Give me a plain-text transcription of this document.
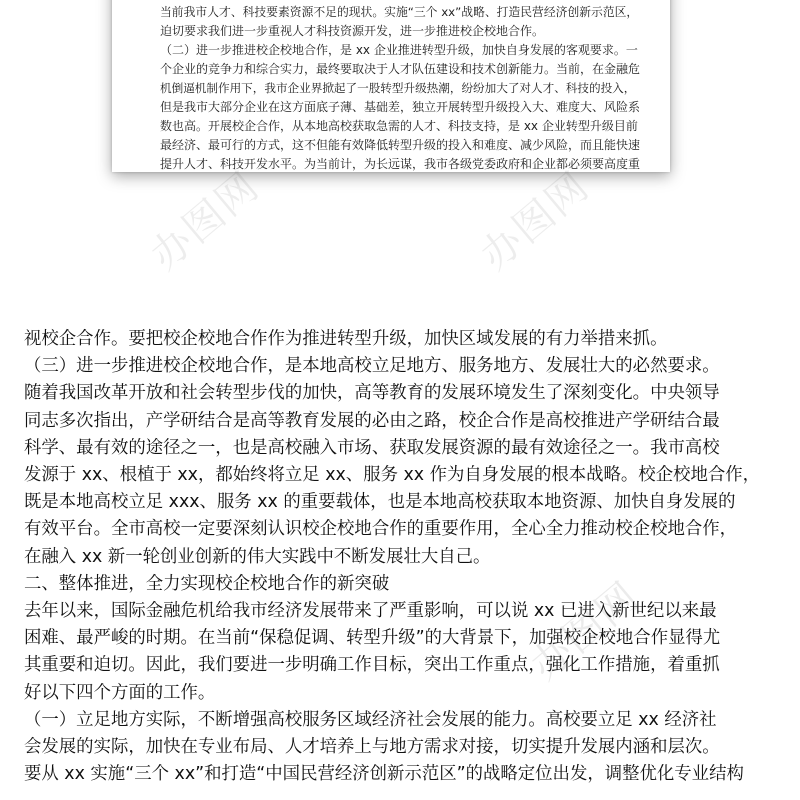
当前我市人才、科技要素资源不足的现状。实施“三个 xx”战略、打造民营经济创新示范区，

迫切要求我们进一步重视人才科技资源开发，进一步推进校企校地合作。

（二）进一步推进校企校地合作，是 xx 企业推进转型升级，加快自身发展的客观要求。一

个企业的竞争力和综合实力，最终要取决于人才队伍建设和技术创新能力。当前，在金融危

机倒逼机制作用下，我市企业界掀起了一股转型升级热潮，纷纷加大了对人才、科技的投入，

但是我市大部分企业在这方面底子薄、基础差，独立开展转型升级投入大、难度大、风险系

数也高。开展校企合作，从本地高校获取急需的人才、科技支持，是 xx 企业转型升级目前

最经济、最可行的方式，这不但能有效降低转型升级的投入和难度、减少风险，而且能快速

提升人才、科技开发水平。为当前计，为长远谋，我市各级党委政府和企业都必须要高度重

办图网	办图网
办图网
视校企合作。要把校企校地合作作为推进转型升级，加快区域发展的有力举措来抓。
（三）进一步推进校企校地合作，是本地高校立足地方、服务地方、发展壮大的必然要求。
随着我国改革开放和社会转型步伐的加快，高等教育的发展环境发生了深刻变化。中央领导
同志多次指出，产学研结合是高等教育发展的必由之路，校企合作是高校推进产学研结合最
科学、最有效的途径之一，也是高校融入市场、获取发展资源的最有效途径之一。我市高校
发源于 xx、根植于 xx，都始终将立足 xx、服务 xx 作为自身发展的根本战略。校企校地合作，
既是本地高校立足 xxx、服务 xx 的重要载体，也是本地高校获取本地资源、加快自身发展的
有效平台。全市高校一定要深刻认识校企校地合作的重要作用，全心全力推动校企校地合作，
在融入 xx 新一轮创业创新的伟大实践中不断发展壮大自己。
二、整体推进，全力实现校企校地合作的新突破
去年以来，国际金融危机给我市经济发展带来了严重影响，可以说 xx 已进入新世纪以来最
困难、最严峻的时期。在当前“保稳促调、转型升级”的大背景下，加强校企校地合作显得尤
其重要和迫切。因此，我们要进一步明确工作目标，突出工作重点，强化工作措施，着重抓
好以下四个方面的工作。
（一）立足地方实际，不断增强高校服务区域经济社会发展的能力。高校要立足 xx 经济社
会发展的实际，加快在专业布局、人才培养上与地方需求对接，切实提升发展内涵和层次。
要从 xx 实施“三个 xx”和打造“中国民营经济创新示范区”的战略定位出发，调整优化专业结构
